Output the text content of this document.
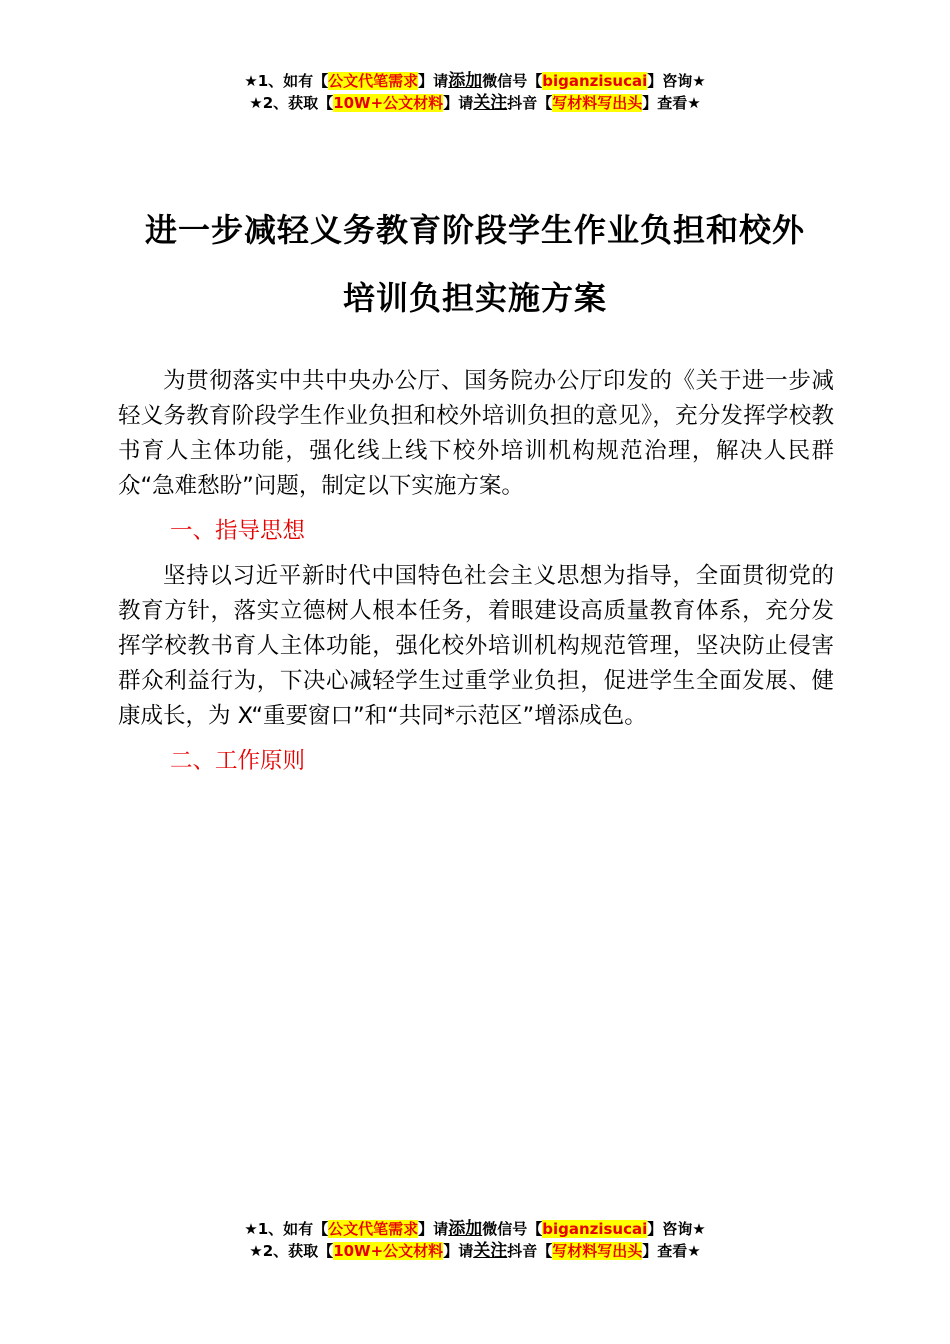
★1、如有【公文代笔需求】请添加微信号【biganzisucai】咨询★
★2、获取【10W+公文材料】请关注抖音【写材料写出头】查看★
进一步减轻义务教育阶段学生作业负担和校外
培训负担实施方案

为贯彻落实中共中央办公厅、国务院办公厅印发的《关于进一步减轻义务教育阶段学生作业负担和校外培训负担的意见》，充分发挥学校教书育人主体功能，强化线上线下校外培训机构规范治理，解决人民群众“急难愁盼”问题，制定以下实施方案。

一、指导思想

坚持以习近平新时代中国特色社会主义思想为指导，全面贯彻党的教育方针，落实立德树人根本任务，着眼建设高质量教育体系，充分发挥学校教书育人主体功能，强化校外培训机构规范管理，坚决防止侵害群众利益行为，下决心减轻学生过重学业负担，促进学生全面发展、健康成长，为 X“重要窗口”和“共同*示范区”增添成色。

二、工作原则

★1、如有【公文代笔需求】请添加微信号【biganzisucai】咨询★
★2、获取【10W+公文材料】请关注抖音【写材料写出头】查看★
